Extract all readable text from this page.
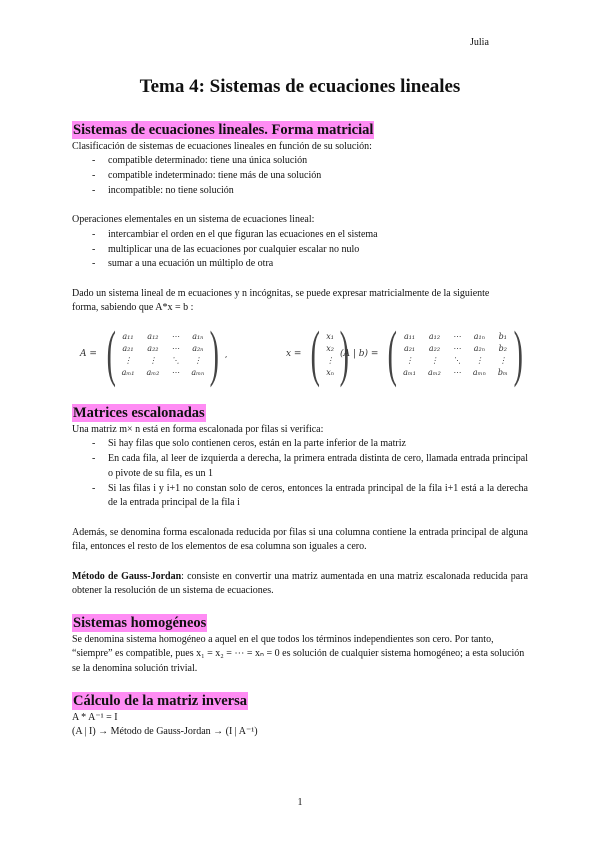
Julia
Tema 4: Sistemas de ecuaciones lineales
Sistemas de ecuaciones lineales. Forma matricial

Clasificación de sistemas de ecuaciones lineales en función de su solución:

- compatible determinado: tiene una única solución
- compatible indeterminado: tiene más de una solución
- incompatible: no tiene solución

Operaciones elementales en un sistema de ecuaciones lineal:

- intercambiar el orden en el que figuran las ecuaciones en el sistema
- multiplicar una de las ecuaciones por cualquier escalar no nulo
- sumar a una ecuación un múltiplo de otra

Dado un sistema lineal de m ecuaciones y n incógnitas, se puede expresar matricialmente de la siguiente forma, sabiendo que A*x = b :

A = ( a₁₁ a₁₂ ⋯ a₁ₙ
a₂₁ a₂₂ ⋯ a₂ₙ
⋮	⋮	⋱	⋮
aₘ₁ aₘ₂ ⋯ aₘₙ ) ,	x = ( x₁
x₂
⋮
xₙ )
(A | b) = ( a₁₁ a₁₂ ⋯ a₁ₙ b₁
a₂₁ a₂₂ ⋯ a₂ₙ b₂
⋮	⋮	⋱	⋮	⋮
aₘ₁ aₘ₂ ⋯ aₘₙ bₘ )
Matrices escalonadas

Una matriz m× n está en forma escalonada por filas si verifica:

- Si hay filas que solo contienen ceros, están en la parte inferior de la matriz
- En cada fila, al leer de izquierda a derecha, la primera entrada distinta de cero, llamada entrada principal o pivote de su fila, es un 1
- Si las filas i y i+1 no constan solo de ceros, entonces la entrada principal de la fila i+1 está a la derecha de la entrada principal de la fila i

Además, se denomina forma escalonada reducida por filas si una columna contiene la entrada principal de alguna fila, entonces el resto de los elementos de esa columna son iguales a cero.

Método de Gauss-Jordan: consiste en convertir una matriz aumentada en una matriz escalonada reducida para obtener la resolución de un sistema de ecuaciones.

Sistemas homogéneos

Se denomina sistema homogéneo a aquel en el que todos los términos independientes son cero. Por tanto, “siempre” es compatible, pues x₁ = x₂ = ⋯ = xₙ = 0 es solución de cualquier sistema homogéneo; a esta solución se la denomina solución trivial.

Cálculo de la matriz inversa

A * A⁻¹ = I

(A | I) → Método de Gauss-Jordan → (I | A⁻¹)

1
